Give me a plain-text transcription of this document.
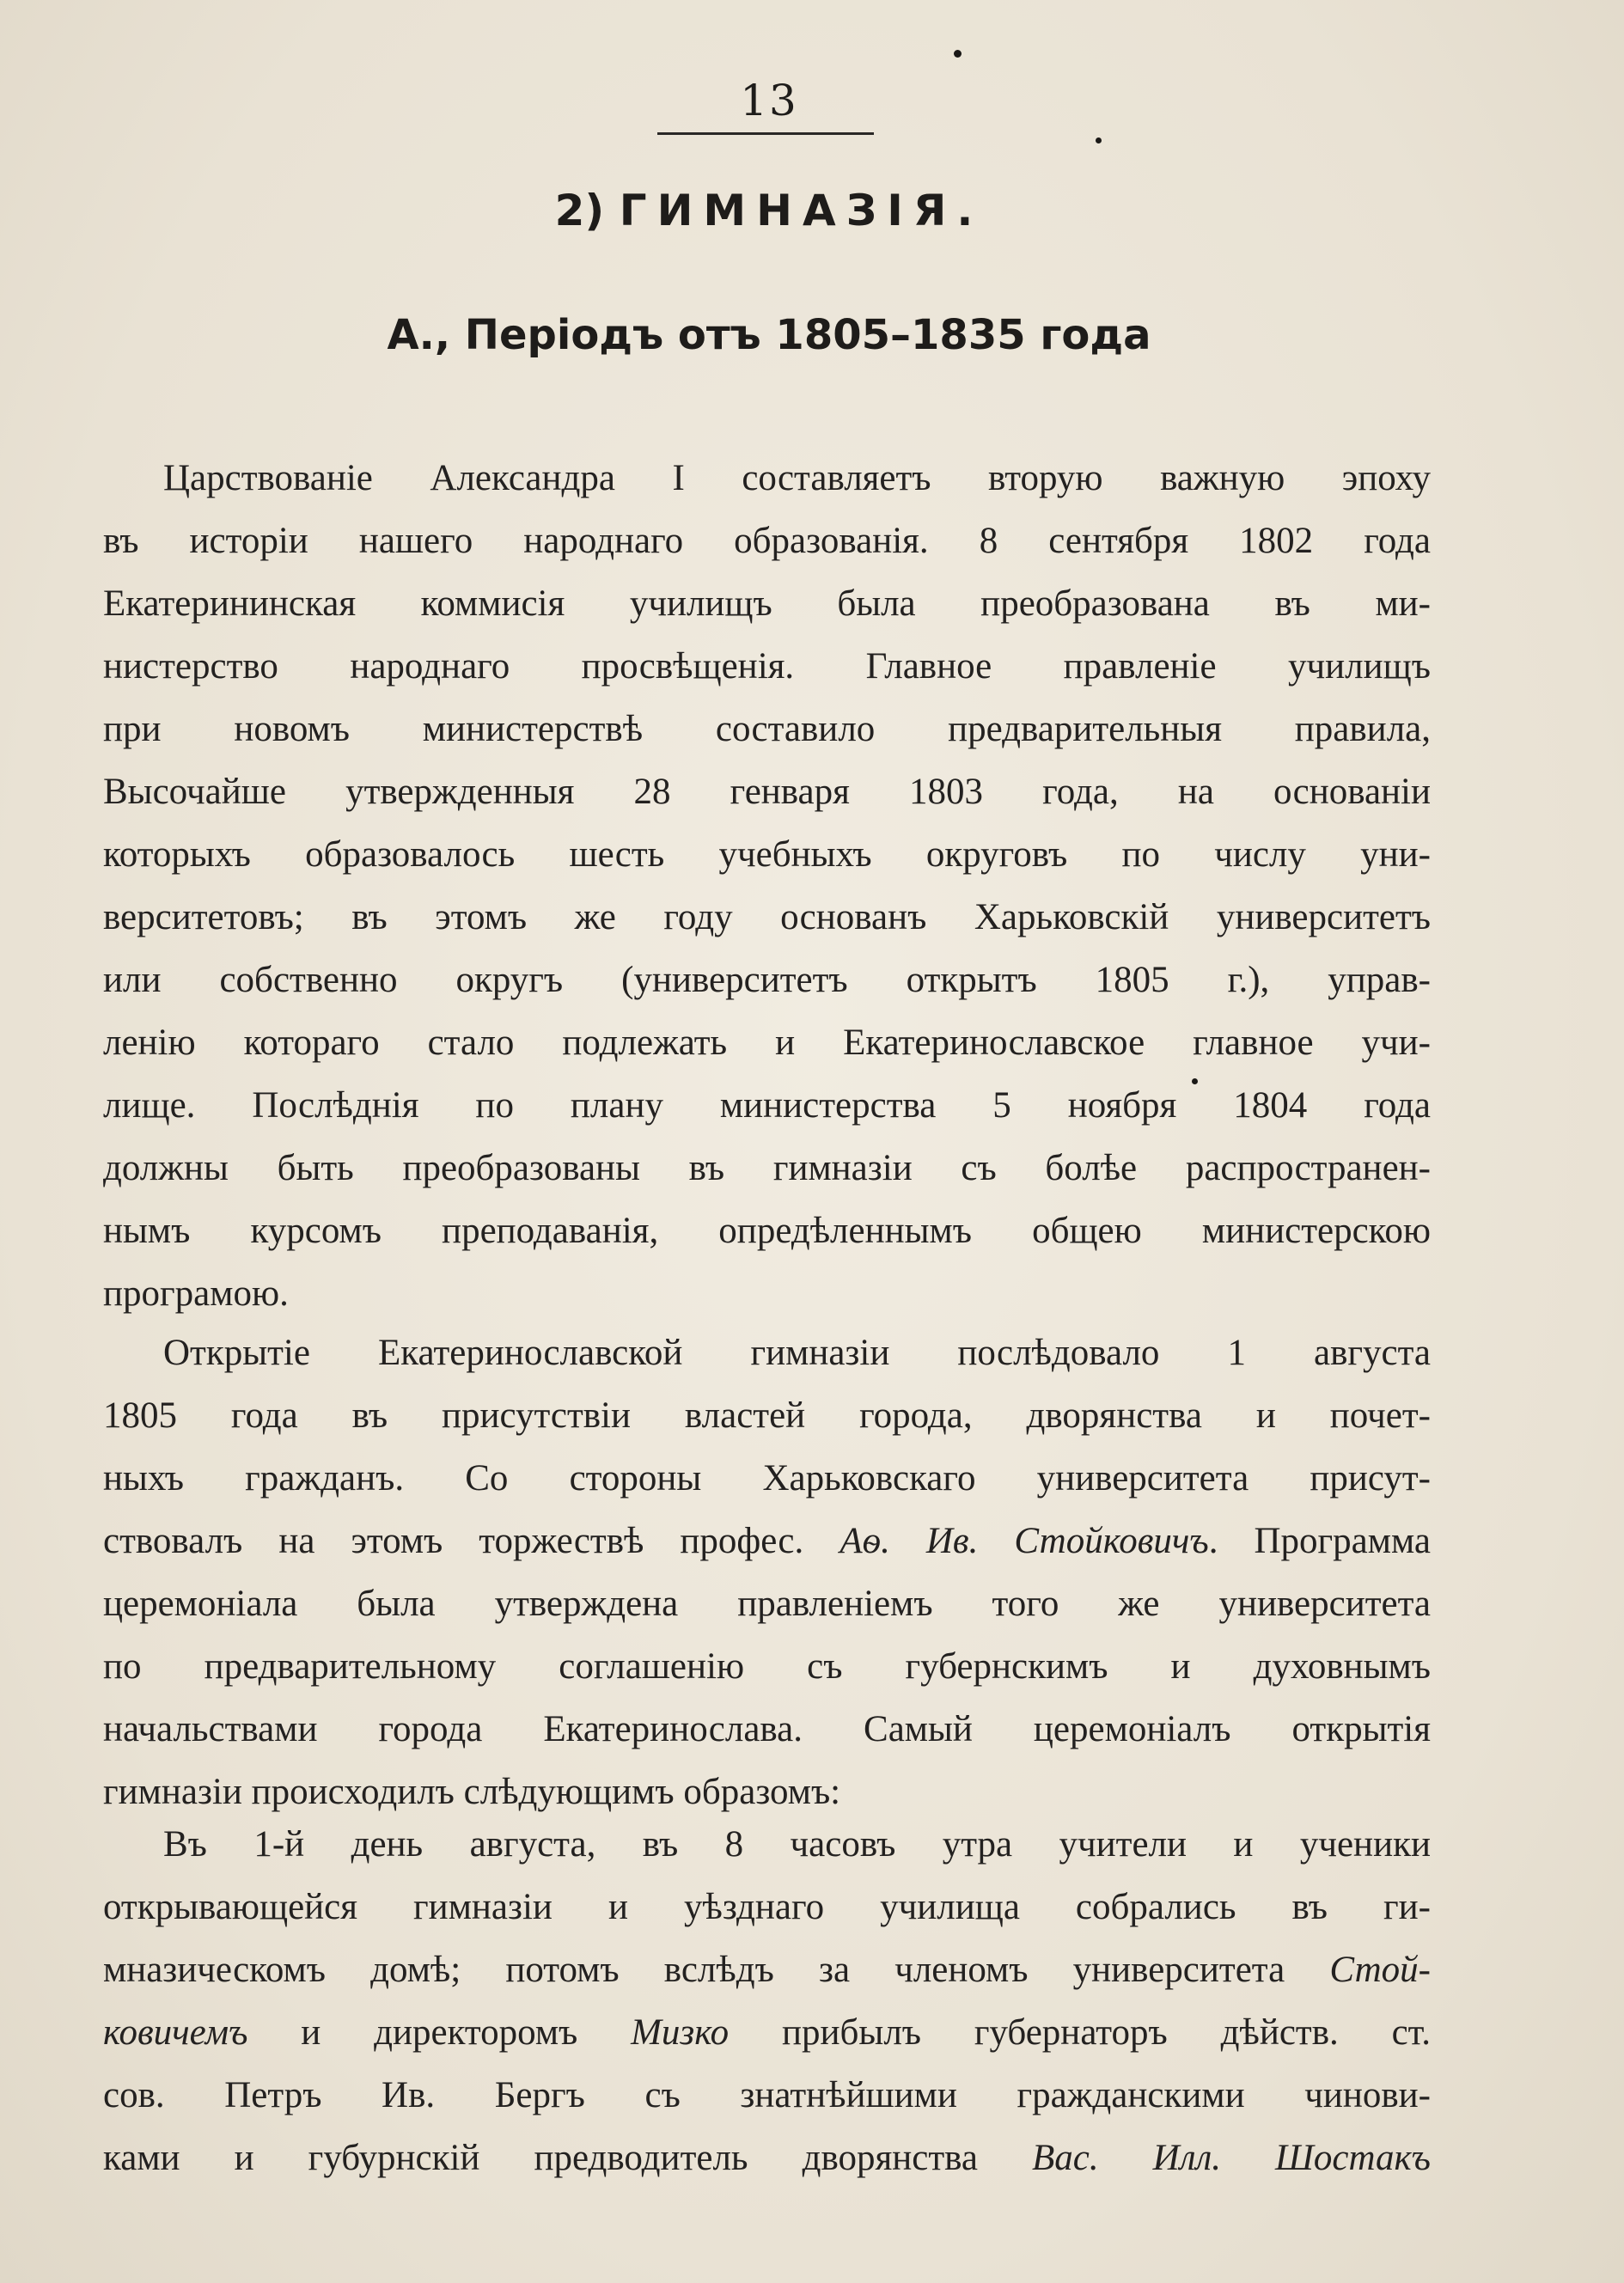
13
2) ГИМНАЗІЯ.
А., Періодъ отъ 1805–1835 года
Царствованіе Александра I составляетъ вторую важную эпоху
въ исторіи нашего народнаго образованія. 8 сентября 1802 года
Екатерининская коммисія училищъ была преобразована въ ми-
нистерство народнаго просвѣщенія. Главное правленіе училищъ
при новомъ министерствѣ составило предварительныя правила,
Высочайше утвержденныя 28 генваря 1803 года, на основаніи
которыхъ образовалось шесть учебныхъ округовъ по числу уни-
верситетовъ; въ этомъ же году основанъ Харьковскій университетъ
или собственно округъ (университетъ открытъ 1805 г.), управ-
ленію котораго стало подлежать и Екатеринославское главное учи-
лище. Послѣднія по плану министерства 5 ноября 1804 года
должны быть преобразованы въ гимназіи съ болѣе распространен-
нымъ курсомъ преподаванія, опредѣленнымъ общею министерскою
програмою.
Открытіе Екатеринославской гимназіи послѣдовало 1 августа
1805 года въ присутствіи властей города, дворянства и почет-
ныхъ гражданъ. Со стороны Харьковскаго университета присут-
ствовалъ на этомъ торжествѣ профес. Аѳ. Ив. Стойковичъ. Программа
церемоніала была утверждена правленіемъ того же университета
по предварительному соглашенію съ губернскимъ и духовнымъ
начальствами города Екатеринослава. Самый церемоніалъ открытія
гимназіи происходилъ слѣдующимъ образомъ:
Въ 1-й день августа, въ 8 часовъ утра учители и ученики
открывающейся гимназіи и уѣзднаго училища собрались въ ги-
мназическомъ домѣ; потомъ вслѣдъ за членомъ университета Стой-
ковичемъ и директоромъ Мизко прибылъ губернаторъ дѣйств. ст.
сов. Петръ Ив. Бергъ съ знатнѣйшими гражданскими чинови-
ками и губурнскій предводитель дворянства Вас. Илл. Шостакъ
